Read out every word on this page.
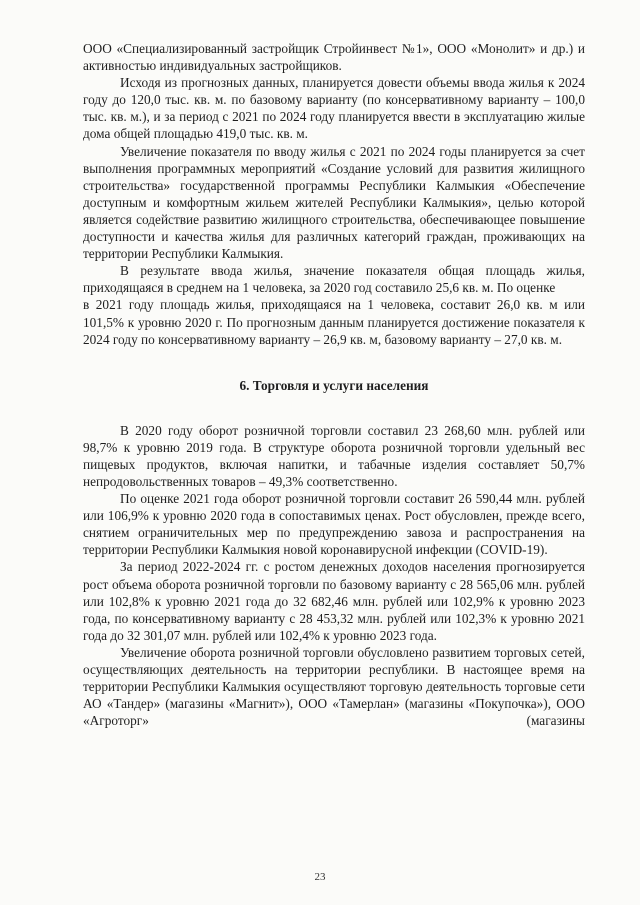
ООО «Специализированный застройщик Стройинвест №1», ООО «Монолит» и др.) и активностью индивидуальных застройщиков.

Исходя из прогнозных данных, планируется довести объемы ввода жилья к 2024 году до 120,0 тыс. кв. м. по базовому варианту (по консервативному варианту – 100,0 тыс. кв. м.), и за период с 2021 по 2024 году планируется ввести в эксплуатацию жилые дома общей площадью 419,0 тыс. кв. м.

Увеличение показателя по вводу жилья с 2021 по 2024 годы планируется за счет выполнения программных мероприятий «Создание условий для развития жилищного строительства» государственной программы Республики Калмыкия «Обеспечение доступным и комфортным жильем жителей Республики Калмыкия», целью которой является содействие развитию жилищного строительства, обеспечивающее повышение доступности и качества жилья для различных категорий граждан, проживающих на территории Республики Калмыкия.

В результате ввода жилья, значение показателя общая площадь жилья, приходящаяся в среднем на 1 человека, за 2020 год составило 25,6 кв. м. По оценке

в 2021 году площадь жилья, приходящаяся на 1 человека, составит 26,0 кв. м или 101,5% к уровню 2020 г. По прогнозным данным планируется достижение показателя к 2024 году по консервативному варианту – 26,9 кв. м, базовому варианту – 27,0 кв. м.

6. Торговля и услуги населения

В 2020 году оборот розничной торговли составил 23 268,60 млн. рублей или 98,7% к уровню 2019 года. В структуре оборота розничной торговли удельный вес пищевых продуктов, включая напитки, и табачные изделия составляет 50,7% непродовольственных товаров – 49,3% соответственно.

По оценке 2021 года оборот розничной торговли составит 26 590,44 млн. рублей или 106,9% к уровню 2020 года в сопоставимых ценах. Рост обусловлен, прежде всего, снятием ограничительных мер по предупреждению завоза и распространения на территории Республики Калмыкия новой коронавирусной инфекции (COVID-19).

За период 2022-2024 гг. с ростом денежных доходов населения прогнозируется рост объема оборота розничной торговли по базовому варианту с 28 565,06 млн. рублей или 102,8% к уровню 2021 года до 32 682,46 млн. рублей или 102,9% к уровню 2023 года, по консервативному варианту с 28 453,32 млн. рублей или 102,3% к уровню 2021 года до 32 301,07 млн. рублей или 102,4% к уровню 2023 года.

Увеличение оборота розничной торговли обусловлено развитием торговых сетей, осуществляющих деятельность на территории республики. В настоящее время на территории Республики Калмыкия осуществляют торговую деятельность торговые сети АО «Тандер» (магазины «Магнит»), ООО «Тамерлан» (магазины «Покупочка»), ООО «Агроторг» (магазины

23
